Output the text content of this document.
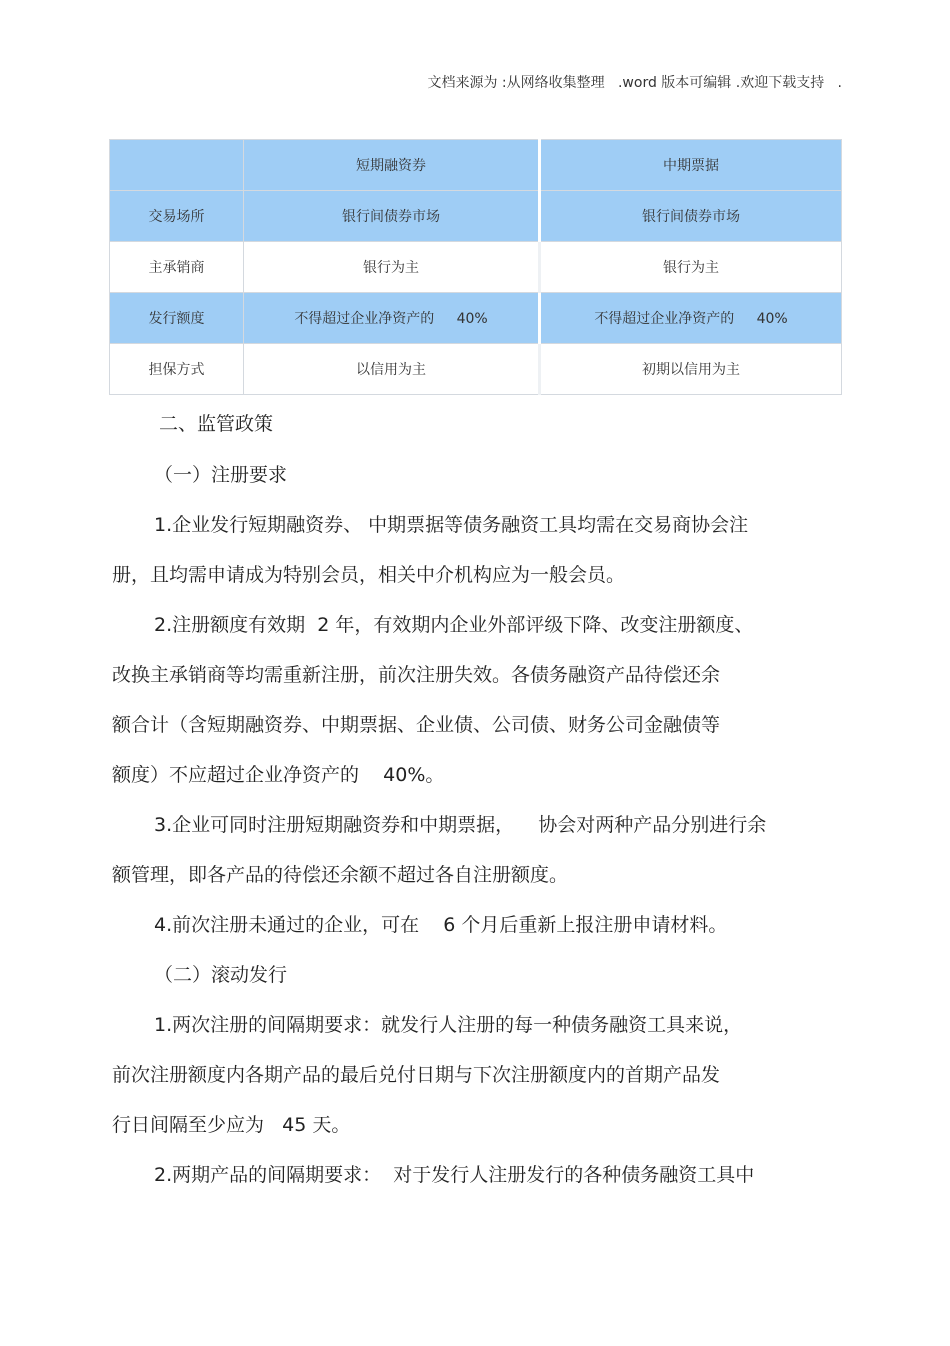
文档来源为 :从网络收集整理   .word 版本可编辑 .欢迎下载支持   .
	短期融资券	中期票据
交易场所	银行间债券市场	银行间债券市场
主承销商	银行为主	银行为主
发行额度	不得超过企业净资产的     40%	不得超过企业净资产的     40%
担保方式	以信用为主	初期以信用为主
二、监管政策
（一）注册要求
1.企业发行短期融资券、 中期票据等债务融资工具均需在交易商协会注
册，且均需申请成为特别会员，相关中介机构应为一般会员。
2.注册额度有效期  2 年，有效期内企业外部评级下降、改变注册额度、
改换主承销商等均需重新注册，前次注册失效。各债务融资产品待偿还余
额合计（含短期融资券、中期票据、企业债、公司债、财务公司金融债等
额度）不应超过企业净资产的    40%。
3.企业可同时注册短期融资券和中期票据，    协会对两种产品分别进行余
额管理，即各产品的待偿还余额不超过各自注册额度。
4.前次注册未通过的企业，可在    6 个月后重新上报注册申请材料。
（二）滚动发行
1.两次注册的间隔期要求：就发行人注册的每一种债务融资工具来说，
前次注册额度内各期产品的最后兑付日期与下次注册额度内的首期产品发
行日间隔至少应为   45 天。
2.两期产品的间隔期要求：  对于发行人注册发行的各种债务融资工具中
